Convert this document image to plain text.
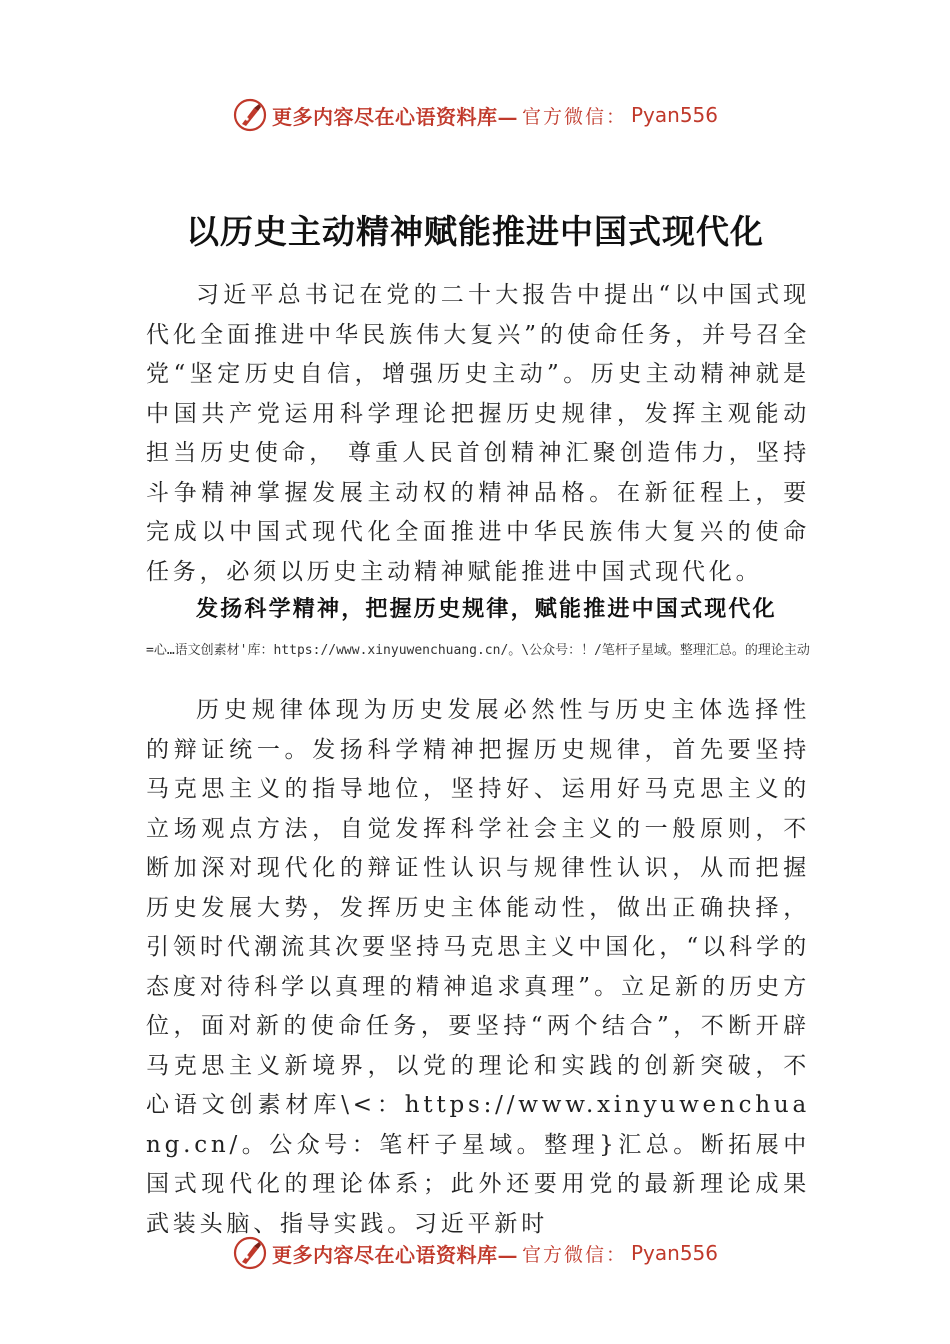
更多内容尽在心语资料库— 官方微信： Pyan556
以历史主动精神赋能推进中国式现代化

习近平总书记在党的二十大报告中提出“以中国式现代化全面推进中华民族伟大复兴”的使命任务，并号召全党“坚定历史自信，增强历史主动”。历史主动精神就是中国共产党运用科学理论把握历史规律，发挥主观能动担当历史使命， 尊重人民首创精神汇聚创造伟力，坚持斗争精神掌握发展主动权的精神品格。在新征程上，要完成以中国式现代化全面推进中华民族伟大复兴的使命任务，必须以历史主动精神赋能推进中国式现代化。

发扬科学精神，把握历史规律，赋能推进中国式现代化
=心…语文创素材'库：https://www.xinyuwenchuang.cn/。\公众号：！/笔杆子星域。整理汇总。的理论主动

历史规律体现为历史发展必然性与历史主体选择性的辩证统一。发扬科学精神把握历史规律，首先要坚持马克思主义的指导地位，坚持好、运用好马克思主义的立场观点方法，自觉发挥科学社会主义的一般原则，不断加深对现代化的辩证性认识与规律性认识，从而把握历史发展大势，发挥历史主体能动性，做出正确抉择，引领时代潮流其次要坚持马克思主义中国化，“以科学的态度对待科学以真理的精神追求真理”。立足新的历史方位，面对新的使命任务，要坚持“两个结合”，不断开辟马克思主义新境界，以党的理论和实践的创新突破，不心语文创素材库\<：https://www.xinyuwenchuang.cn/。公众号：笔杆子星域。整理}汇总。断拓展中国式现代化的理论体系；此外还要用党的最新理论成果武装头脑、指导实践。习近平新时

更多内容尽在心语资料库— 官方微信： Pyan556
